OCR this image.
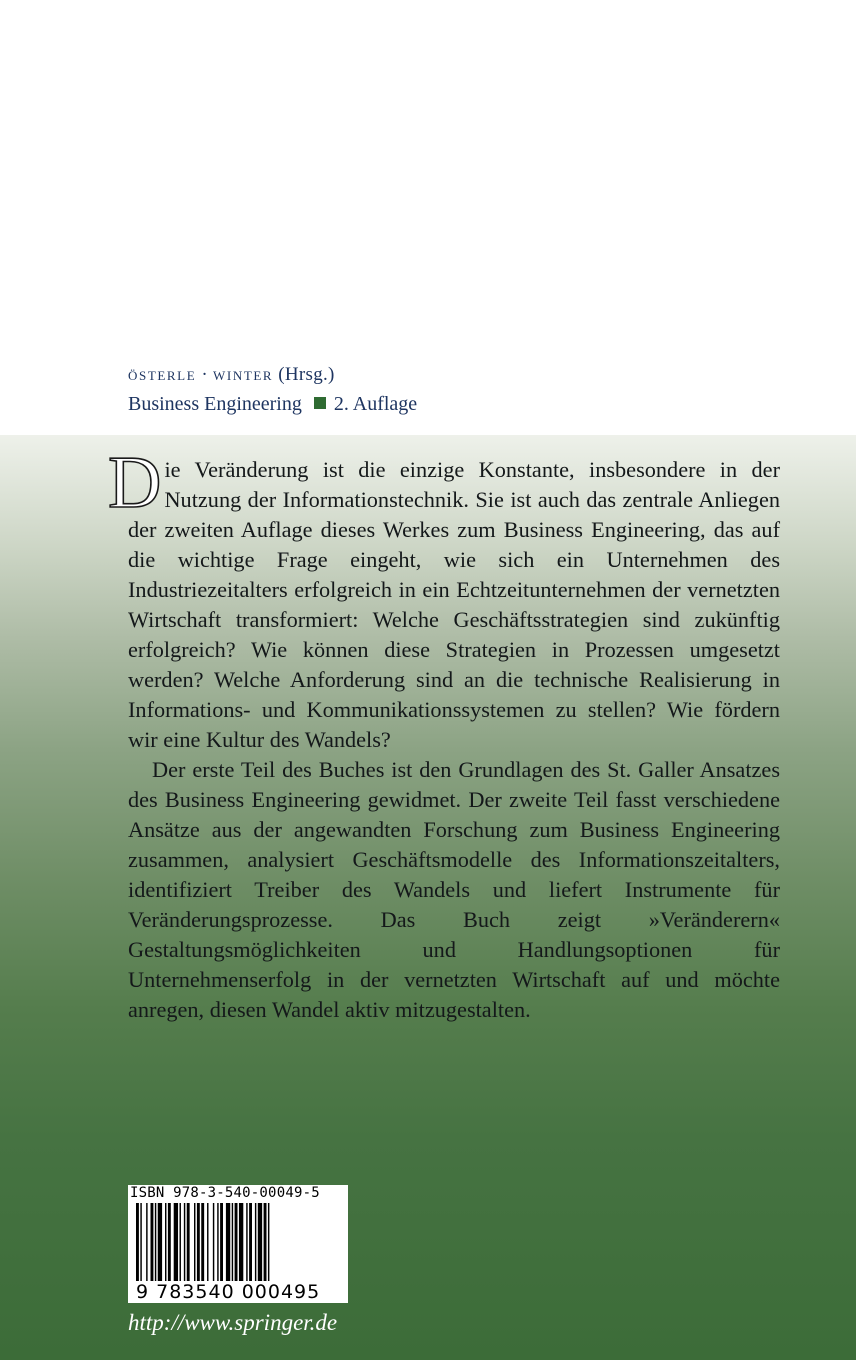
österle · winter (Hrsg.)
Business Engineering 2. Auflage

Die Veränderung ist die einzige Konstante, insbesondere in der Nutzung der Informationstechnik. Sie ist auch das zentrale Anliegen der zweiten Auflage dieses Werkes zum Business Engineering, das auf die wichtige Frage eingeht, wie sich ein Unternehmen des Industriezeitalters erfolgreich in ein Echtzeitunternehmen der vernetzten Wirtschaft transformiert: Welche Geschäftsstrategien sind zukünftig erfolgreich? Wie können diese Strategien in Prozessen umgesetzt werden? Welche Anforderung sind an die technische Realisierung in Informations- und Kommunikationssystemen zu stellen? Wie fördern wir eine Kultur des Wandels?

Der erste Teil des Buches ist den Grundlagen des St. Galler Ansatzes des Business Engineering gewidmet. Der zweite Teil fasst verschiedene Ansätze aus der angewandten Forschung zum Business Engineering zusammen, analysiert Geschäftsmodelle des Informationszeitalters, identifiziert Treiber des Wandels und liefert Instrumente für Veränderungsprozesse. Das Buch zeigt »Veränderern« Gestaltungsmöglichkeiten und Handlungsoptionen für Unternehmenserfolg in der vernetzten Wirtschaft auf und möchte anregen, diesen Wandel aktiv mitzugestalten.

ISBN 978-3-540-00049-5
9 783540 000495
http://www.springer.de
